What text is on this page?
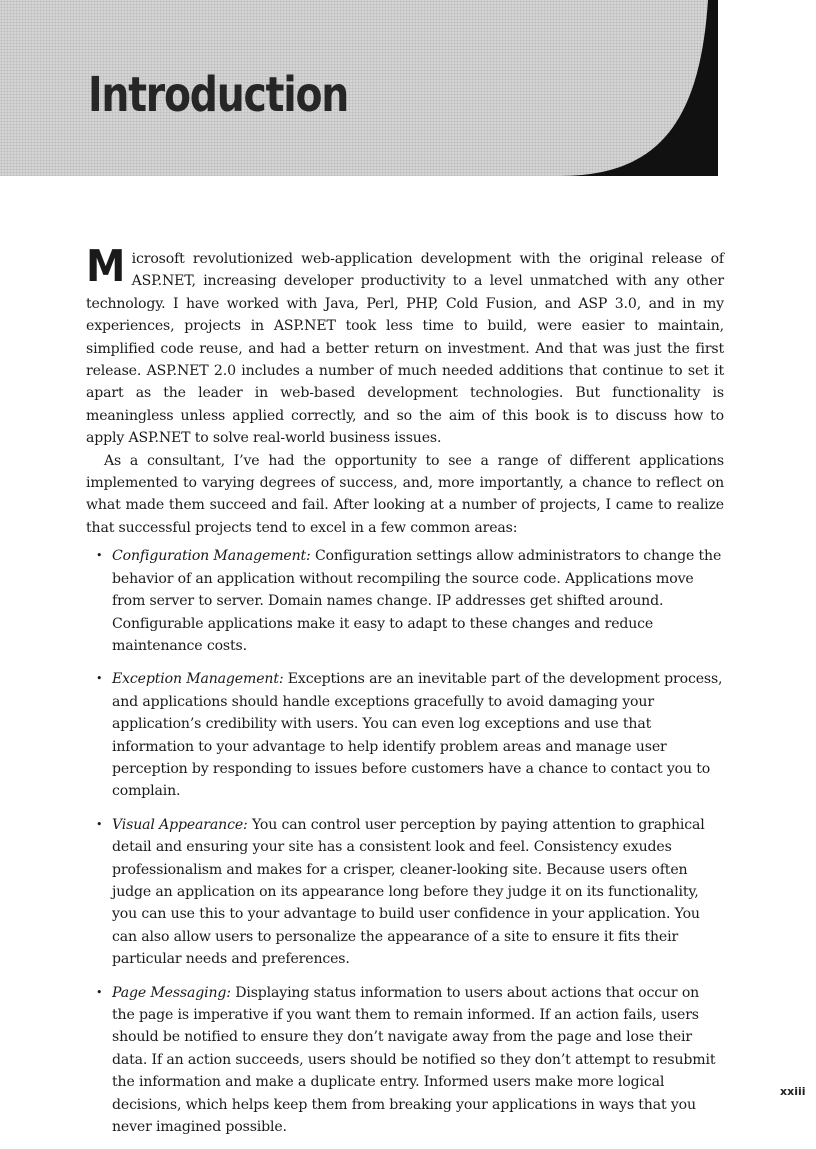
Introduction

Microsoft revolutionized web-application development with the original release of ASP.NET, increasing developer productivity to a level unmatched with any other technology. I have worked with Java, Perl, PHP, Cold Fusion, and ASP 3.0, and in my experiences, projects in ASP.NET took less time to build, were easier to maintain, simplified code reuse, and had a better return on investment. And that was just the first release. ASP.NET 2.0 includes a number of much needed additions that continue to set it apart as the leader in web-based development technologies. But functionality is meaningless unless applied correctly, and so the aim of this book is to discuss how to apply ASP.NET to solve real-world business issues.

As a consultant, I’ve had the opportunity to see a range of different applications implemented to varying degrees of success, and, more importantly, a chance to reflect on what made them succeed and fail. After looking at a number of projects, I came to realize that successful projects tend to excel in a few common areas:

• Configuration Management: Configuration settings allow administrators to change the behavior of an application without recompiling the source code. Applications move from server to server. Domain names change. IP addresses get shifted around. Configurable applications make it easy to adapt to these changes and reduce maintenance costs.
• Exception Management: Exceptions are an inevitable part of the development process, and applications should handle exceptions gracefully to avoid damaging your application’s credibility with users. You can even log exceptions and use that information to your advantage to help identify problem areas and manage user perception by responding to issues before customers have a chance to contact you to complain.
• Visual Appearance: You can control user perception by paying attention to graphical detail and ensuring your site has a consistent look and feel. Consistency exudes professionalism and makes for a crisper, cleaner-looking site. Because users often judge an application on its appearance long before they judge it on its functionality, you can use this to your advantage to build user confidence in your application. You can also allow users to personalize the appearance of a site to ensure it fits their particular needs and preferences.
• Page Messaging: Displaying status information to users about actions that occur on the page is imperative if you want them to remain informed. If an action fails, users should be notified to ensure they don’t navigate away from the page and lose their data. If an action succeeds, users should be notified so they don’t attempt to resubmit the information and make a duplicate entry. Informed users make more logical decisions, which helps keep them from breaking your applications in ways that you never imagined possible.
xxiii
